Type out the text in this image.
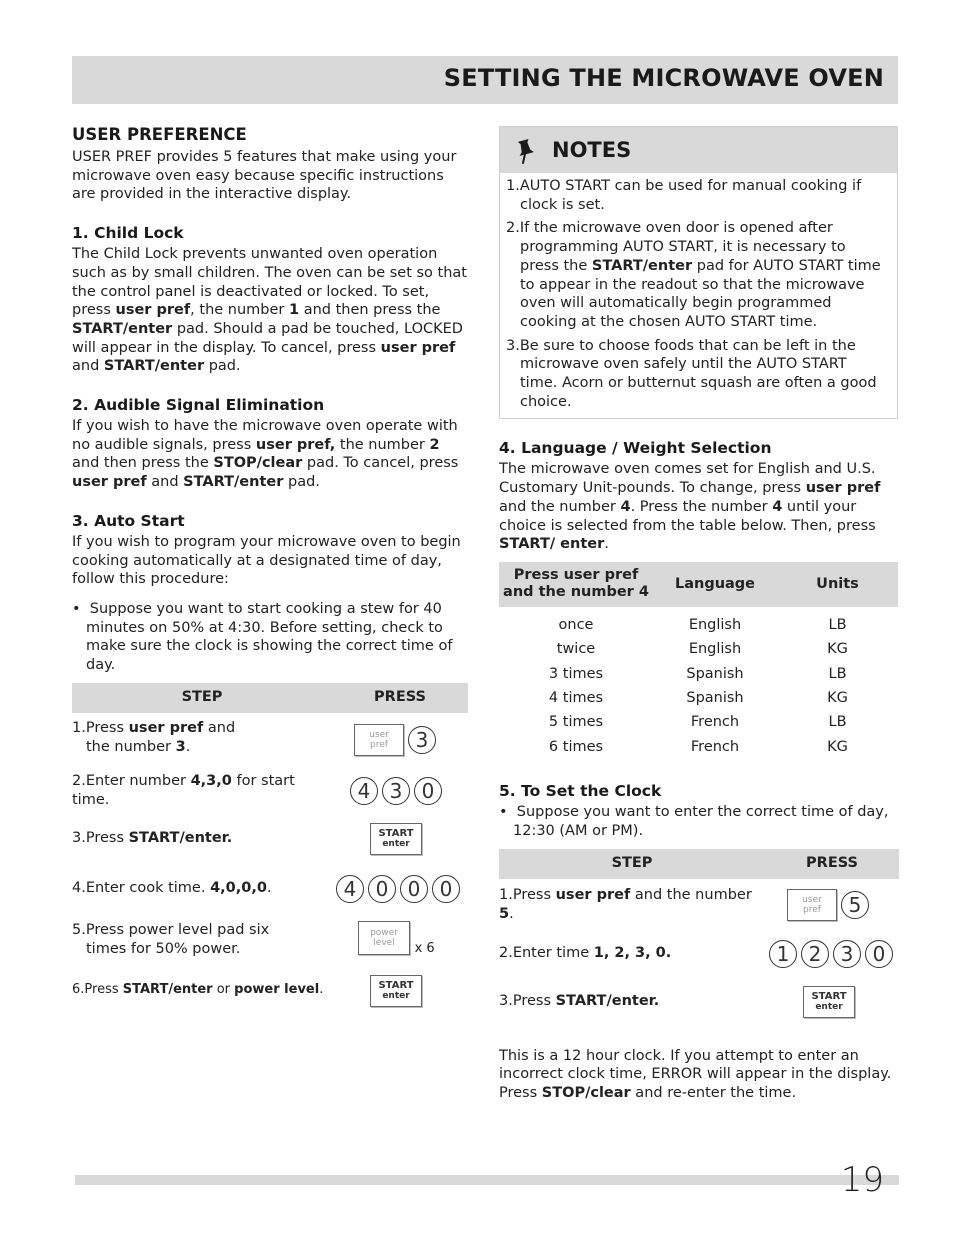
SETTING THE MICROWAVE OVEN
USER PREFERENCE
USER PREF provides 5 features that make using your microwave oven easy because specific instructions are provided in the interactive display.
1. Child Lock
The Child Lock prevents unwanted oven operation such as by small children. The oven can be set so that the control panel is deactivated or locked. To set, press user pref, the number 1 and then press the START/enter pad. Should a pad be touched, LOCKED will appear in the display. To cancel, press user pref and START/enter pad.
2. Audible Signal Elimination
If you wish to have the microwave oven operate with no audible signals, press user pref, the number 2 and then press the STOP/clear pad. To cancel, press user pref and START/enter pad.
3. Auto Start
If you wish to program your microwave oven to begin cooking automatically at a designated time of day, follow this procedure:
•  Suppose you want to start cooking a stew for 40 minutes on 50% at 4:30. Before setting, check to make sure the clock is showing the correct time of day.
STEP	PRESS
1.Press user pref and
the number 3.	user
pref 3
2.Enter number 4,3,0 for start time.	4 3 0
3.Press START/enter.	START
enter
4.Enter cook time. 4,0,0,0.	4 0 0 0
5.Press power level pad six
times for 50% power.	power
level x 6
6.Press START/enter or power level.	START
enter
NOTES
1.AUTO START can be used for manual cooking if clock is set.
2.If the microwave oven door is opened after programming AUTO START, it is necessary to press the START/enter pad for AUTO START time to appear in the readout so that the microwave oven will automatically begin programmed cooking at the chosen AUTO START time.
3.Be sure to choose foods that can be left in the microwave oven safely until the AUTO START time. Acorn or butternut squash are often a good choice.
4. Language / Weight Selection
The microwave oven comes set for English and U.S. Customary Unit-pounds. To change, press user pref and the number 4. Press the number 4 until your choice is selected from the table below. Then, press START/ enter.
Press user pref
and the number 4	Language	Units

once	English	LB
twice	English	KG
3 times	Spanish	LB
4 times	Spanish	KG
5 times	French	LB
6 times	French	KG
5. To Set the Clock
•  Suppose you want to enter the correct time of day, 12:30 (AM or PM).
STEP	PRESS
1.Press user pref and the number 5.	user
pref 5
2.Enter time 1, 2, 3, 0.	1 2 3 0
3.Press START/enter.	START
enter
This is a 12 hour clock. If you attempt to enter an incorrect clock time, ERROR will appear in the display. Press STOP/clear and re-enter the time.
19
